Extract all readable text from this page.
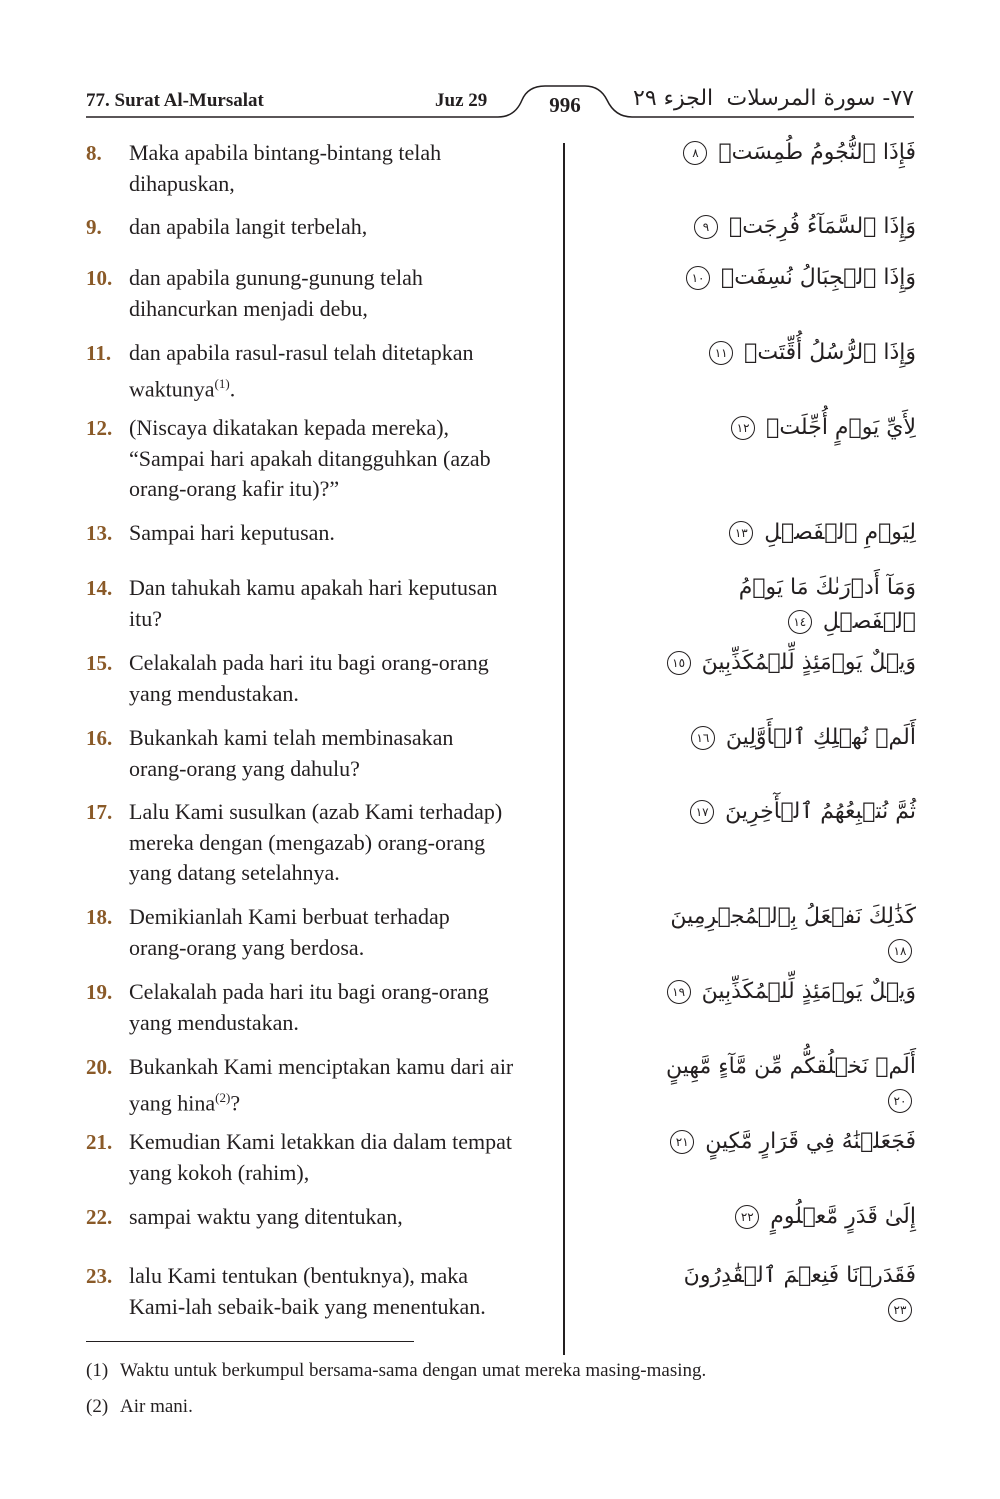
77. Surat Al-Mursalat	Juz 29	996	الجزء ٢٩ ٧٧- سورة المرسلات
8.	Maka apabila bintang-bintang telah
dihapuskan,
فَإِذَا ٱلنُّجُومُ طُمِسَتۡ ٨
9.	dan apabila langit terbelah,	وَإِذَا ٱلسَّمَآءُ فُرِجَتۡ ٩
10. dan apabila gunung-gunung telah
dihancurkan menjadi debu,
وَإِذَا ٱلۡجِبَالُ نُسِفَتۡ ١٠
11. dan apabila rasul-rasul telah ditetapkan
waktunya$^{(1)}$.
وَإِذَا ٱلرُّسُلُ أُقِّتَتۡ ١١
12. (Niscaya dikatakan kepada mereka),
“Sampai hari apakah ditangguhkan (azab
orang-orang kafir itu)?”
لِأَيِّ يَوۡمٍ أُجِّلَتۡ ١٢
13. Sampai hari keputusan.	لِيَوۡمِ ٱلۡفَصۡلِ ١٣
14. Dan tahukah kamu apakah hari keputusan
itu?
وَمَآ أَدۡرَىٰكَ مَا يَوۡمُ ٱلۡفَصۡلِ ١٤
15. Celakalah pada hari itu bagi orang-orang
yang mendustakan.
وَيۡلٌ يَوۡمَئِذٍ لِّلۡمُكَذِّبِينَ ١٥
16. Bukankah kami telah membinasakan
orang-orang yang dahulu?
أَلَمۡ نُهۡلِكِ ٱلۡأَوَّلِينَ ١٦
17. Lalu Kami susulkan (azab Kami terhadap)
mereka dengan (mengazab) orang-orang
yang datang setelahnya.
ثُمَّ نُتۡبِعُهُمُ ٱلۡأٓخِرِينَ ١٧
18. Demikianlah Kami berbuat terhadap
orang-orang yang berdosa.
كَذَٰلِكَ نَفۡعَلُ بِٱلۡمُجۡرِمِينَ ١٨
19. Celakalah pada hari itu bagi orang-orang
yang mendustakan.
وَيۡلٌ يَوۡمَئِذٍ لِّلۡمُكَذِّبِينَ ١٩
20. Bukankah Kami menciptakan kamu dari air
yang hina$^{(2)}$?
أَلَمۡ نَخۡلُقكُّم مِّن مَّآءٍ مَّهِينٍ ٢٠
21. Kemudian Kami letakkan dia dalam tempat
yang kokoh (rahim),
فَجَعَلۡنَٰهُ فِي قَرَارٍ مَّكِينٍ ٢١
22. sampai waktu yang ditentukan,	إِلَىٰ قَدَرٍ مَّعۡلُومٍ ٢٢
23. lalu Kami tentukan (bentuknya), maka
Kami-lah sebaik-baik yang menentukan.
فَقَدَرۡنَا فَنِعۡمَ ٱلۡقَٰدِرُونَ ٢٣
(1) Waktu untuk berkumpul bersama-sama dengan umat mereka masing-masing.
(2) Air mani.
